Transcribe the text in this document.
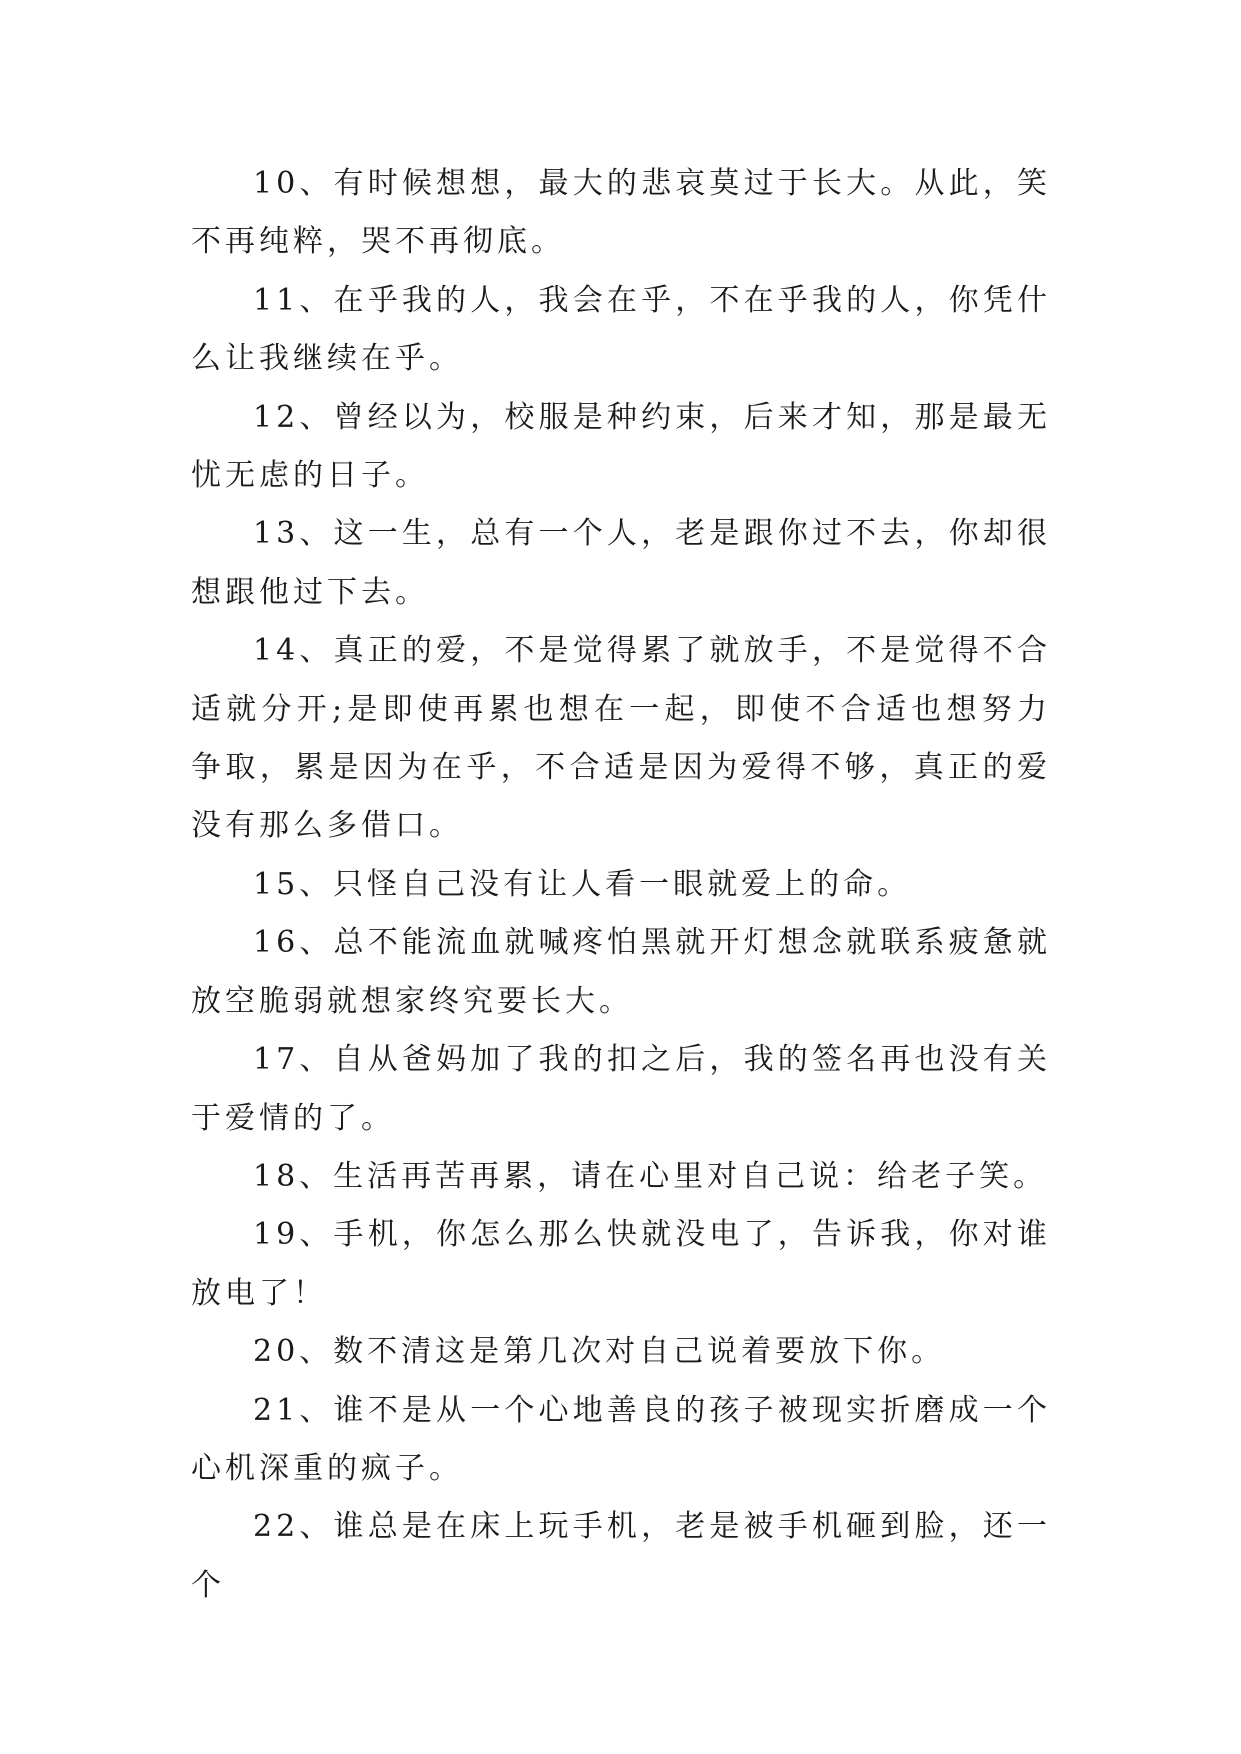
10、有时候想想，最大的悲哀莫过于长大。从此，笑不再纯粹，哭不再彻底。

11、在乎我的人，我会在乎，不在乎我的人，你凭什么让我继续在乎。

12、曾经以为，校服是种约束，后来才知，那是最无忧无虑的日子。

13、这一生，总有一个人，老是跟你过不去，你却很想跟他过下去。

14、真正的爱，不是觉得累了就放手，不是觉得不合适就分开;是即使再累也想在一起，即使不合适也想努力争取，累是因为在乎，不合适是因为爱得不够，真正的爱没有那么多借口。

15、只怪自己没有让人看一眼就爱上的命。

16、总不能流血就喊疼怕黑就开灯想念就联系疲惫就放空脆弱就想家终究要长大。

17、自从爸妈加了我的扣之后，我的签名再也没有关于爱情的了。

18、生活再苦再累，请在心里对自己说：给老子笑。

19、手机，你怎么那么快就没电了，告诉我，你对谁放电了！

20、数不清这是第几次对自己说着要放下你。

21、谁不是从一个心地善良的孩子被现实折磨成一个心机深重的疯子。

22、谁总是在床上玩手机，老是被手机砸到脸，还一个
